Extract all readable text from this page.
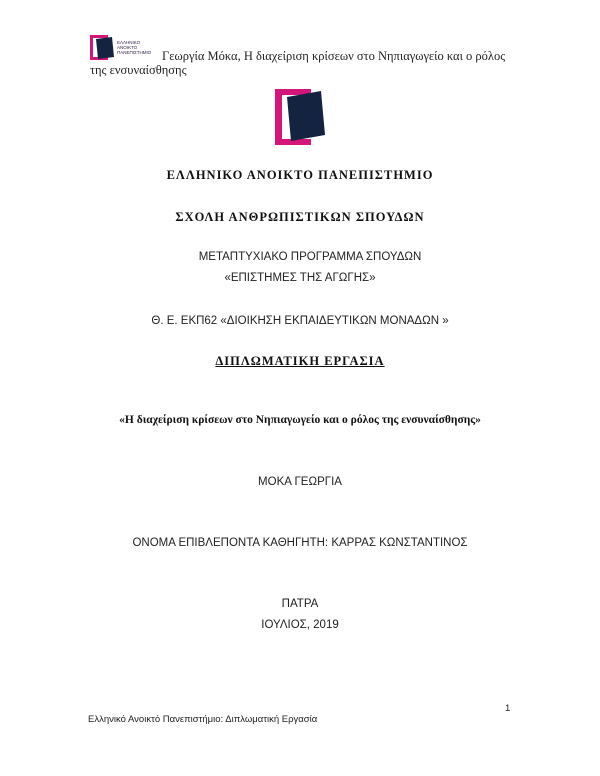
ΕΛΛΗΝΙΚΟ ΑΝΟΙΚΤΟ ΠΑΝΕΠΙΣΤΗΜΙΟ Γεωργία Μόκα, Η διαχείριση κρίσεων στο Νηπιαγωγείο και ο ρόλος της ενσυναίσθησης
ΕΛΛΗΝΙΚΟ ΑΝΟΙΚΤΟ ΠΑΝΕΠΙΣΤΗΜΙΟ
ΣΧΟΛΗ ΑΝΘΡΩΠΙΣΤΙΚΩΝ ΣΠΟΥΔΩΝ
ΜΕΤΑΠΤΥΧΙΑΚΟ ΠΡΟΓΡΑΜΜΑ ΣΠΟΥΔΩΝ
«ΕΠΙΣΤΗΜΕΣ ΤΗΣ ΑΓΩΓΗΣ»
Θ. Ε. ΕΚΠ62 «ΔΙΟΙΚΗΣΗ ΕΚΠΑΙΔΕΥΤΙΚΩΝ ΜΟΝΑΔΩΝ »
ΔΙΠΛΩΜΑΤΙΚΗ ΕΡΓΑΣΙΑ
«Η διαχείριση κρίσεων στο Νηπιαγωγείο και ο ρόλος της ενσυναίσθησης»
ΜΟΚΑ ΓΕΩΡΓΙΑ
ΟΝΟΜΑ ΕΠΙΒΛΕΠΟΝΤΑ ΚΑΘΗΓΗΤΗ: ΚΑΡΡΑΣ ΚΩΝΣΤΑΝΤΙΝΟΣ
ΠΑΤΡΑ
ΙΟΥΛΙΟΣ, 2019
1
Ελληνικό Ανοικτό Πανεπιστήμιο: Διπλωματική Εργασία
